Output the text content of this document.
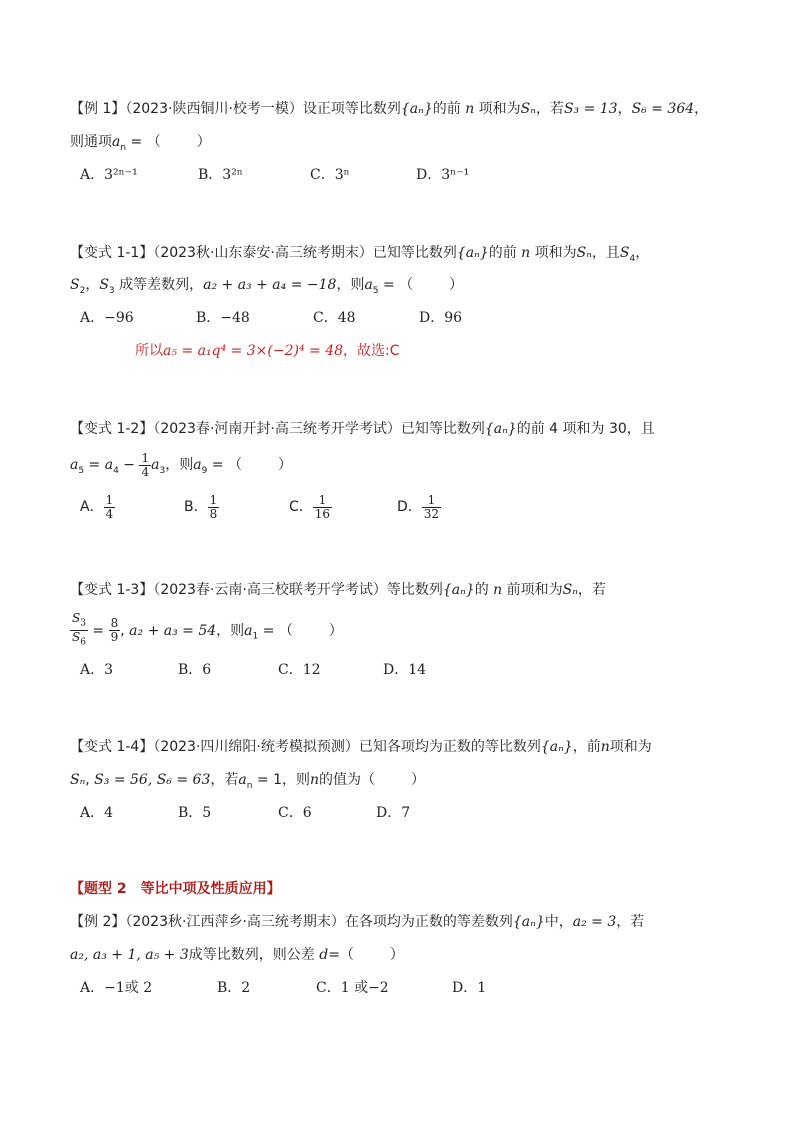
【例 1】（2023·陕西铜川·校考一模）设正项等比数列{aₙ}的前 n 项和为Sₙ，若S₃ = 13，S₆ = 364，
则通项$a_n$ = （	）
A．3²ⁿ⁻¹	B．3²ⁿ	C．3ⁿ	D．3ⁿ⁻¹
【变式 1-1】（2023秋·山东泰安·高三统考期末）已知等比数列{aₙ}的前 n 项和为Sₙ，且$S_4$，
$S_2$，$S_3$ 成等差数列，a₂ + a₃ + a₄ = −18，则$a_5$ = （	）
A．−96	B．−48	C．48	D．96
所以a₅ = a₁q⁴ = 3×(−2)⁴ = 48，故选:C
【变式 1-2】（2023春·河南开封·高三统考开学考试）已知等比数列{aₙ}的前 4 项和为 30，且
$a_5 = a_4 - \frac{1}{4} a_3$，则$a_9$ = （	）
A． $\frac{1}{4}$	B． $\frac{1}{8}$	C． $\frac{1}{16}$	D． $\frac{1}{32}$
【变式 1-3】（2023春·云南·高三校联考开学考试）等比数列{aₙ}的 n 前项和为Sₙ，若
$\frac{S_3}{S_6} = \frac{8}{9}$ , a₂ + a₃ = 54，则$a_1$ = （	）
A．3	B．6	C．12	D．14
【变式 1-4】（2023·四川绵阳·统考模拟预测）已知各项均为正数的等比数列{aₙ}，前n项和为
Sₙ, S₃ = 56, S₆ = 63，若$a_n = 1$，则n的值为（	）
A．4	B．5	C．6	D．7
【题型 2　等比中项及性质应用】
【例 2】（2023秋·江西萍乡·高三统考期末）在各项均为正数的等差数列{aₙ}中，a₂ = 3，若
a₂, a₃ + 1, a₅ + 3成等比数列，则公差 d=（	）
A．−1或 2	B．2	C．1 或−2	D．1
